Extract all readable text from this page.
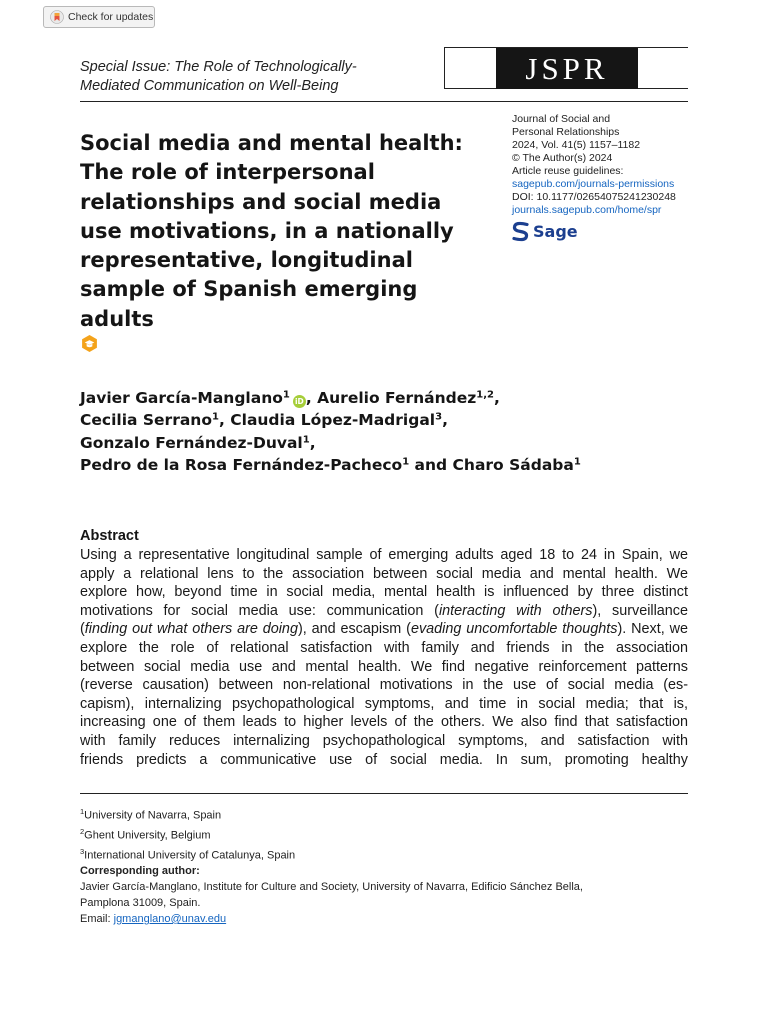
Check for updates
Special Issue: The Role of Technologically-
Mediated Communication on Well-Being
JSPR
Social media and mental health:
The role of interpersonal
relationships and social media
use motivations, in a nationally
representative, longitudinal
sample of Spanish emerging
adults
Journal of Social and
Personal Relationships
2024, Vol. 41(5) 1157–1182
© The Author(s) 2024
Article reuse guidelines:
sagepub.com/journals-permissions
DOI: 10.1177/02654075241230248
journals.sagepub.com/home/spr
Sage

Javier García-Manglano$^1$iD , Aurelio Fernández$^{1,2}$,
Cecilia Serrano$^1$, Claudia López-Madrigal$^3$,
Gonzalo Fernández-Duval$^1$,
Pedro de la Rosa Fernández-Pacheco$^1$ and Charo Sádaba$^1$

Abstract
Using a representative longitudinal sample of emerging adults aged 18 to 24 in Spain, we
apply a relational lens to the association between social media and mental health. We
explore how, beyond time in social media, mental health is influenced by three distinct
motivations for social media use: communication (interacting with others), surveillance
(finding out what others are doing), and escapism (evading uncomfortable thoughts). Next, we
explore the role of relational satisfaction with family and friends in the association
between social media use and mental health. We find negative reinforcement patterns
(reverse causation) between non-relational motivations in the use of social media (es-
capism), internalizing psychopathological symptoms, and time in social media; that is,
increasing one of them leads to higher levels of the others. We also find that satisfaction
with family reduces internalizing psychopathological symptoms, and satisfaction with
friends predicts a communicative use of social media. In sum, promoting healthy
$^1$University of Navarra, Spain
$^2$Ghent University, Belgium
$^3$International University of Catalunya, Spain
Corresponding author:
Javier García-Manglano, Institute for Culture and Society, University of Navarra, Edificio Sánchez Bella,
Pamplona 31009, Spain.
Email: jgmanglano@unav.edu
